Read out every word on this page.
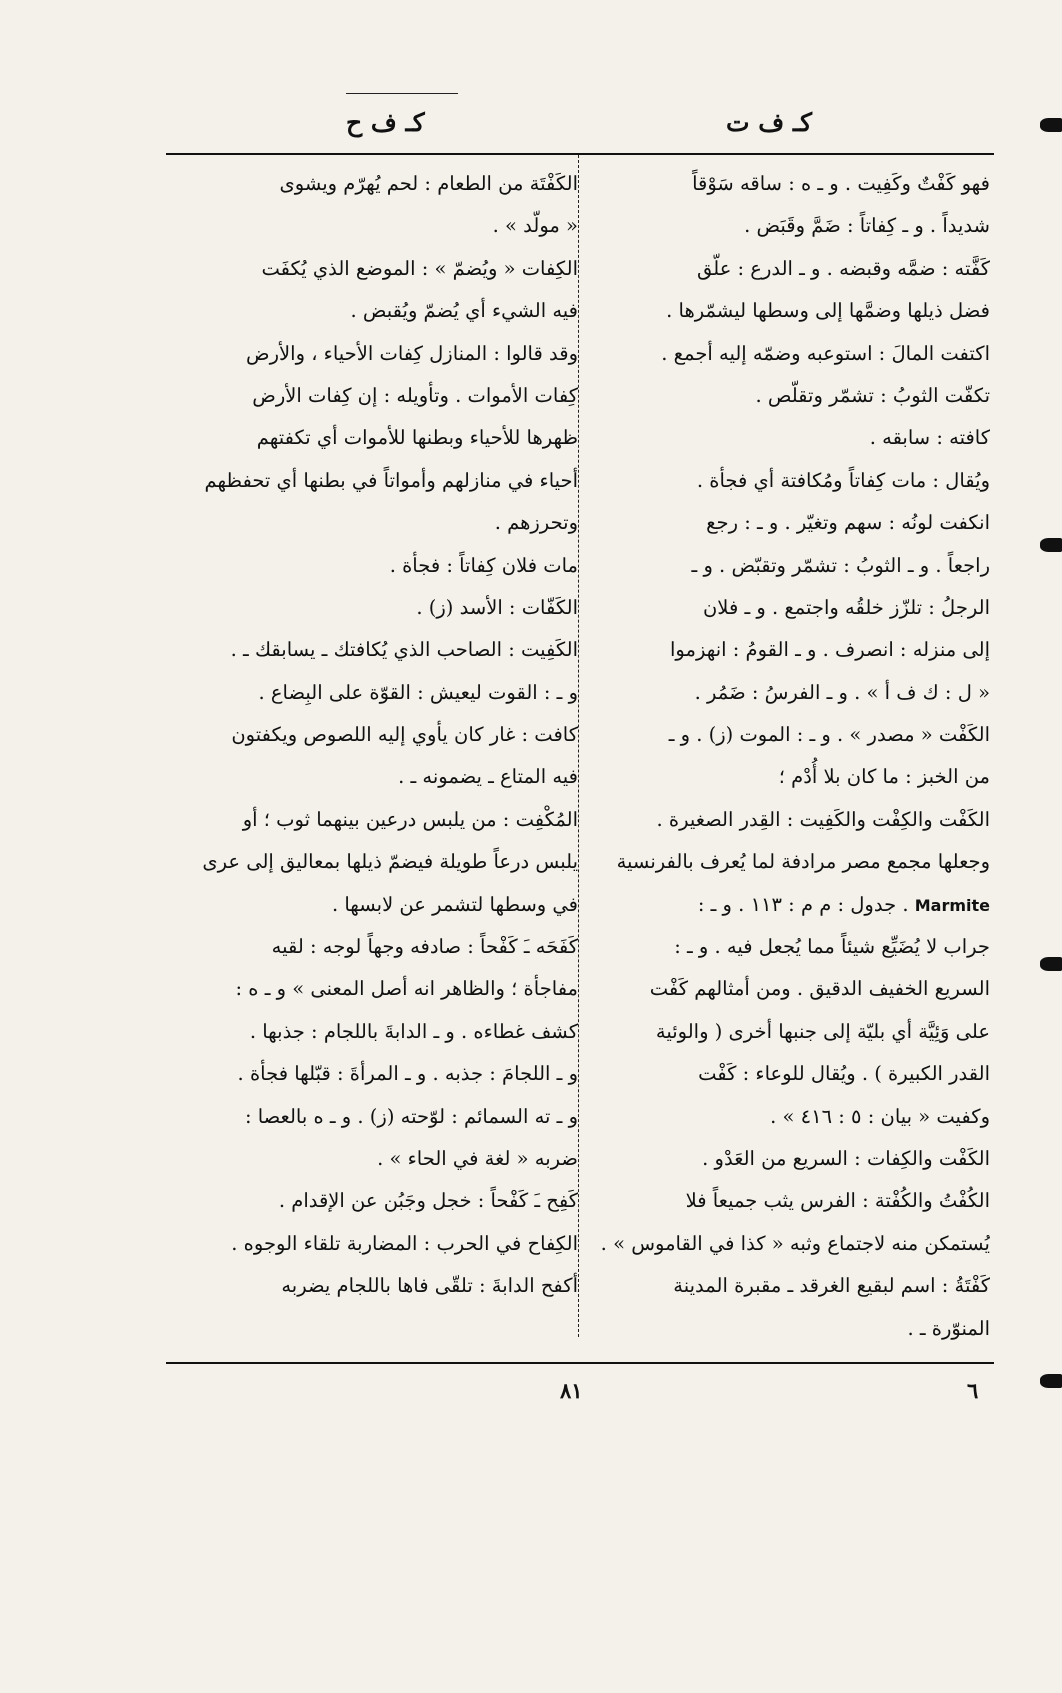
كـ ف ح	كـ ف ت
فهو كَفْتٌ وكَفِيت . و ـ ه : ساقه سَوْقاً
شديداً . و ـ كِفاتاً : ضَمَّ وقَبَض .
كَفَّته : ضمَّه وقبضه . و ـ الدرع : علّق
فضل ذيلها وضمَّها إلى وسطها ليشمّرها .
اكتفت المالَ : استوعبه وضمّه إليه أجمع .
تكفّت الثوبُ : تشمّر وتقلّص .
كافته : سابقه .
ويُقال : مات كِفاتاً ومُكافتة أي فجأة .
انكفت لونُه : سهم وتغيّر . و ـ : رجع
راجعاً . و ـ الثوبُ : تشمّر وتقبّض . و ـ
الرجلُ : تلزّز خلقُه واجتمع . و ـ فلان
إلى منزله : انصرف . و ـ القومُ : انهزموا
« ل : ك ف أ » . و ـ الفرسُ : ضَمُر .
الكَفْت « مصدر » . و ـ : الموت (ز) . و ـ
من الخبز : ما كان بلا أُدْم ؛
الكَفْت والكِفْت والكَفِيت : القِدر الصغيرة .
وجعلها مجمع مصر مرادفة لما يُعرف بالفرنسية
Marmite . جدول : م م : ١١٣ . و ـ :
جراب لا يُضَيِّع شيئاً مما يُجعل فيه . و ـ :
السريع الخفيف الدقيق . ومن أمثالهم كَفْت
على وَئِيَّة أي بليّة إلى جنبها أخرى ( والوئية
القدر الكبيرة ) . ويُقال للوعاء : كَفْت
وكفيت « بيان : ٥ : ٤١٦ » .
الكَفْت والكِفات : السريع من العَدْو .
الكُفْتُ والكُفْتة : الفرس يثب جميعاً فلا
يُستمكن منه لاجتماع وثبه « كذا في القاموس » .
كَفْتَةُ : اسم لبقيع الغرقد ـ مقبرة المدينة
المنوّرة ـ .
الكَفْتَة من الطعام : لحم يُهرّم ويشوى
« مولّد » .
الكِفات « ويُضمّ » : الموضع الذي يُكفَت
فيه الشيء أي يُضمّ ويُقبض .
وقد قالوا : المنازل كِفات الأحياء ، والأرض
كِفات الأموات . وتأويله : إن كِفات الأرض
ظهرها للأحياء وبطنها للأموات أي تكفتهم
أحياء في منازلهم وأمواتاً في بطنها أي تحفظهم
وتحرزهم .
مات فلان كِفاتاً : فجأة .
الكَفّات : الأسد (ز) .
الكَفِيت : الصاحب الذي يُكافتك ـ يسابقك ـ .
و ـ : القوت ليعيش : القوّة على البِضاع .
كافت : غار كان يأوي إليه اللصوص ويكفتون
فيه المتاع ـ يضمونه ـ .
المُكْفِت : من يلبس درعين بينهما ثوب ؛ أو
يلبس درعاً طويلة فيضمّ ذيلها بمعاليق إلى عرى
في وسطها لتشمر عن لابسها .
كَفَحَه ـَ كَفْحاً : صادفه وجهاً لوجه : لقيه
مفاجأة ؛ والظاهر انه أصل المعنى » و ـ ه :
كشف غطاءه . و ـ الدابةَ باللجام : جذبها .
و ـ اللجامَ : جذبه . و ـ المرأةَ : قبّلها فجأة .
و ـ ته السمائم : لوّحته (ز) . و ـ ه بالعصا :
ضربه « لغة في الحاء » .
كَفِح ـَ كَفْحاً : خجل وجَبُن عن الإقدام .
الكِفاح في الحرب : المضاربة تلقاء الوجوه .
أكفح الدابةَ : تلقّى فاها باللجام يضربه
٨١	٦
